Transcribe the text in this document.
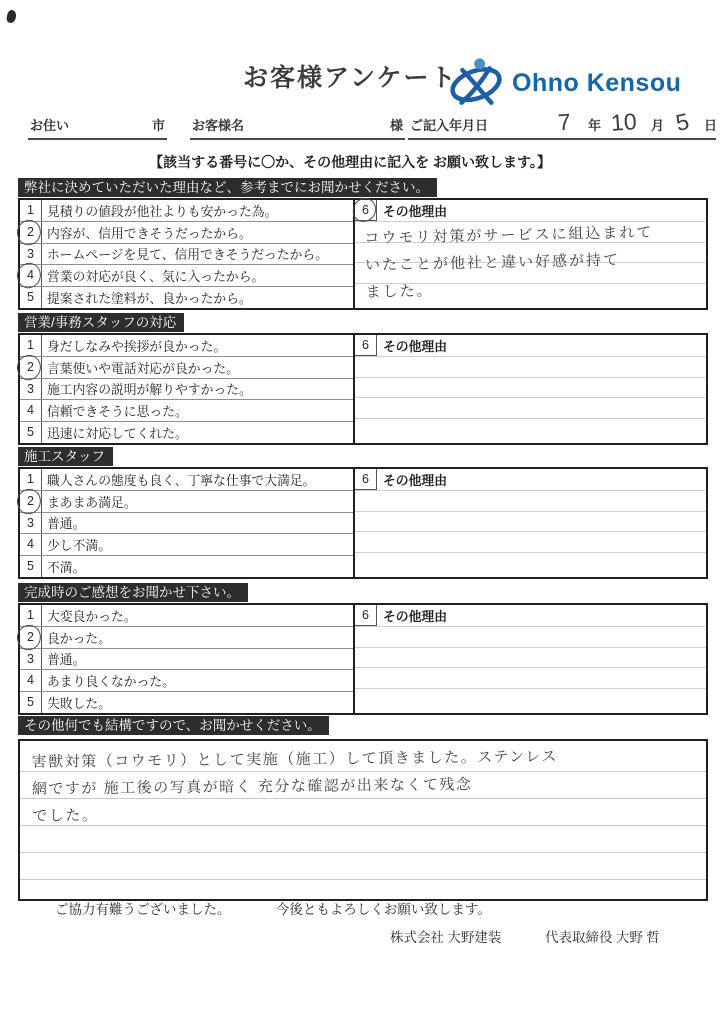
お客様アンケート Ohno Kensou
お住い	市 お客様名	様 ご記入年月日	7 年 10 月 5 日
【該当する番号に〇か、その他理由に記入を お願い致します。】
弊社に決めていただいた理由など、参考までにお聞かせください。
1	見積りの値段が他社よりも安かった為。
2	内容が、信用できそうだったから。
3	ホームページを見て、信用できそうだったから。
4	営業の対応が良く、気に入ったから。
5	提案された塗料が、良かったから。
6	その他理由
コウモリ対策がサービスに組込まれて
いたことが他社と違い好感が持て
ました。
営業/事務スタッフの対応
1	身だしなみや挨拶が良かった。
2	言葉使いや電話対応が良かった。
3	施工内容の説明が解りやすかった。
4	信頼できそうに思った。
5	迅速に対応してくれた。
6	その他理由
施工スタッフ
1	職人さんの態度も良く、丁寧な仕事で大満足。
2	まあまあ満足。
3	普通。
4	少し不満。
5	不満。
6	その他理由
完成時のご感想をお聞かせ下さい。
1	大変良かった。
2	良かった。
3	普通。
4	あまり良くなかった。
5	失敗した。
6	その他理由
その他何でも結構ですので、お聞かせください。
害獣対策（コウモリ）として実施（施工）して頂きました。ステンレス
網ですが 施工後の写真が暗く 充分な確認が出来なくて残念
でした。
ご協力有難うございました。	今後ともよろしくお願い致します。
株式会社 大野建装	代表取締役 大野 哲
